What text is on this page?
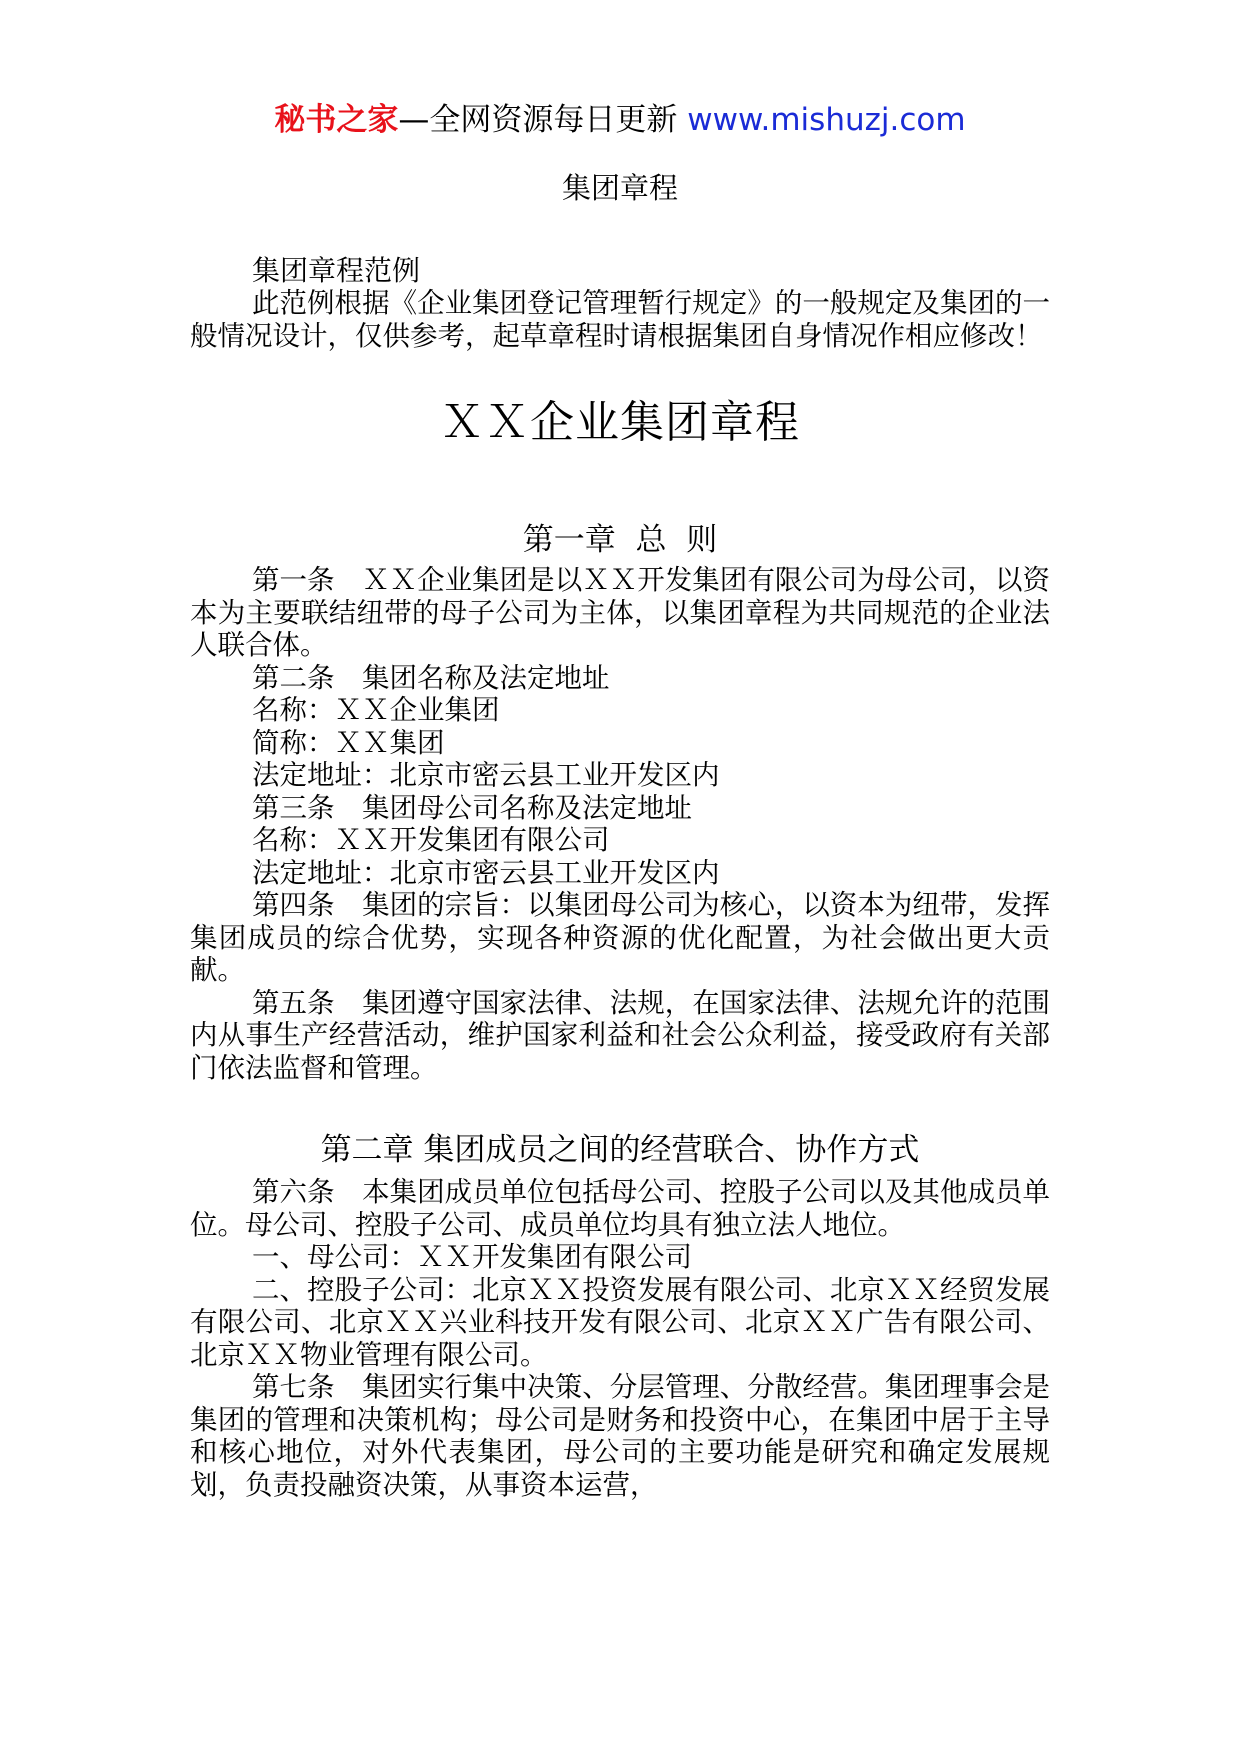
秘书之家—全网资源每日更新 www.mishuzj.com
集团章程
集团章程范例

此范例根据《企业集团登记管理暂行规定》的一般规定及集团的一般情况设计，仅供参考，起草章程时请根据集团自身情况作相应修改！

ＸＸ企业集团章程
第一章  总  则

第一条　ＸＸ企业集团是以ＸＸ开发集团有限公司为母公司，以资本为主要联结纽带的母子公司为主体，以集团章程为共同规范的企业法人联合体。

第二条　集团名称及法定地址

名称：ＸＸ企业集团

简称：ＸＸ集团

法定地址：北京市密云县工业开发区内

第三条　集团母公司名称及法定地址

名称：ＸＸ开发集团有限公司

法定地址：北京市密云县工业开发区内

第四条　集团的宗旨：以集团母公司为核心，以资本为纽带，发挥集团成员的综合优势，实现各种资源的优化配置，为社会做出更大贡献。

第五条　集团遵守国家法律、法规，在国家法律、法规允许的范围内从事生产经营活动，维护国家利益和社会公众利益，接受政府有关部门依法监督和管理。

第二章 集团成员之间的经营联合、协作方式

第六条　本集团成员单位包括母公司、控股子公司以及其他成员单位。母公司、控股子公司、成员单位均具有独立法人地位。

一、母公司：ＸＸ开发集团有限公司

二、控股子公司：北京ＸＸ投资发展有限公司、北京ＸＸ经贸发展有限公司、北京ＸＸ兴业科技开发有限公司、北京ＸＸ广告有限公司、北京ＸＸ物业管理有限公司。

第七条　集团实行集中决策、分层管理、分散经营。集团理事会是集团的管理和决策机构；母公司是财务和投资中心，在集团中居于主导和核心地位，对外代表集团，母公司的主要功能是研究和确定发展规划，负责投融资决策，从事资本运营，
